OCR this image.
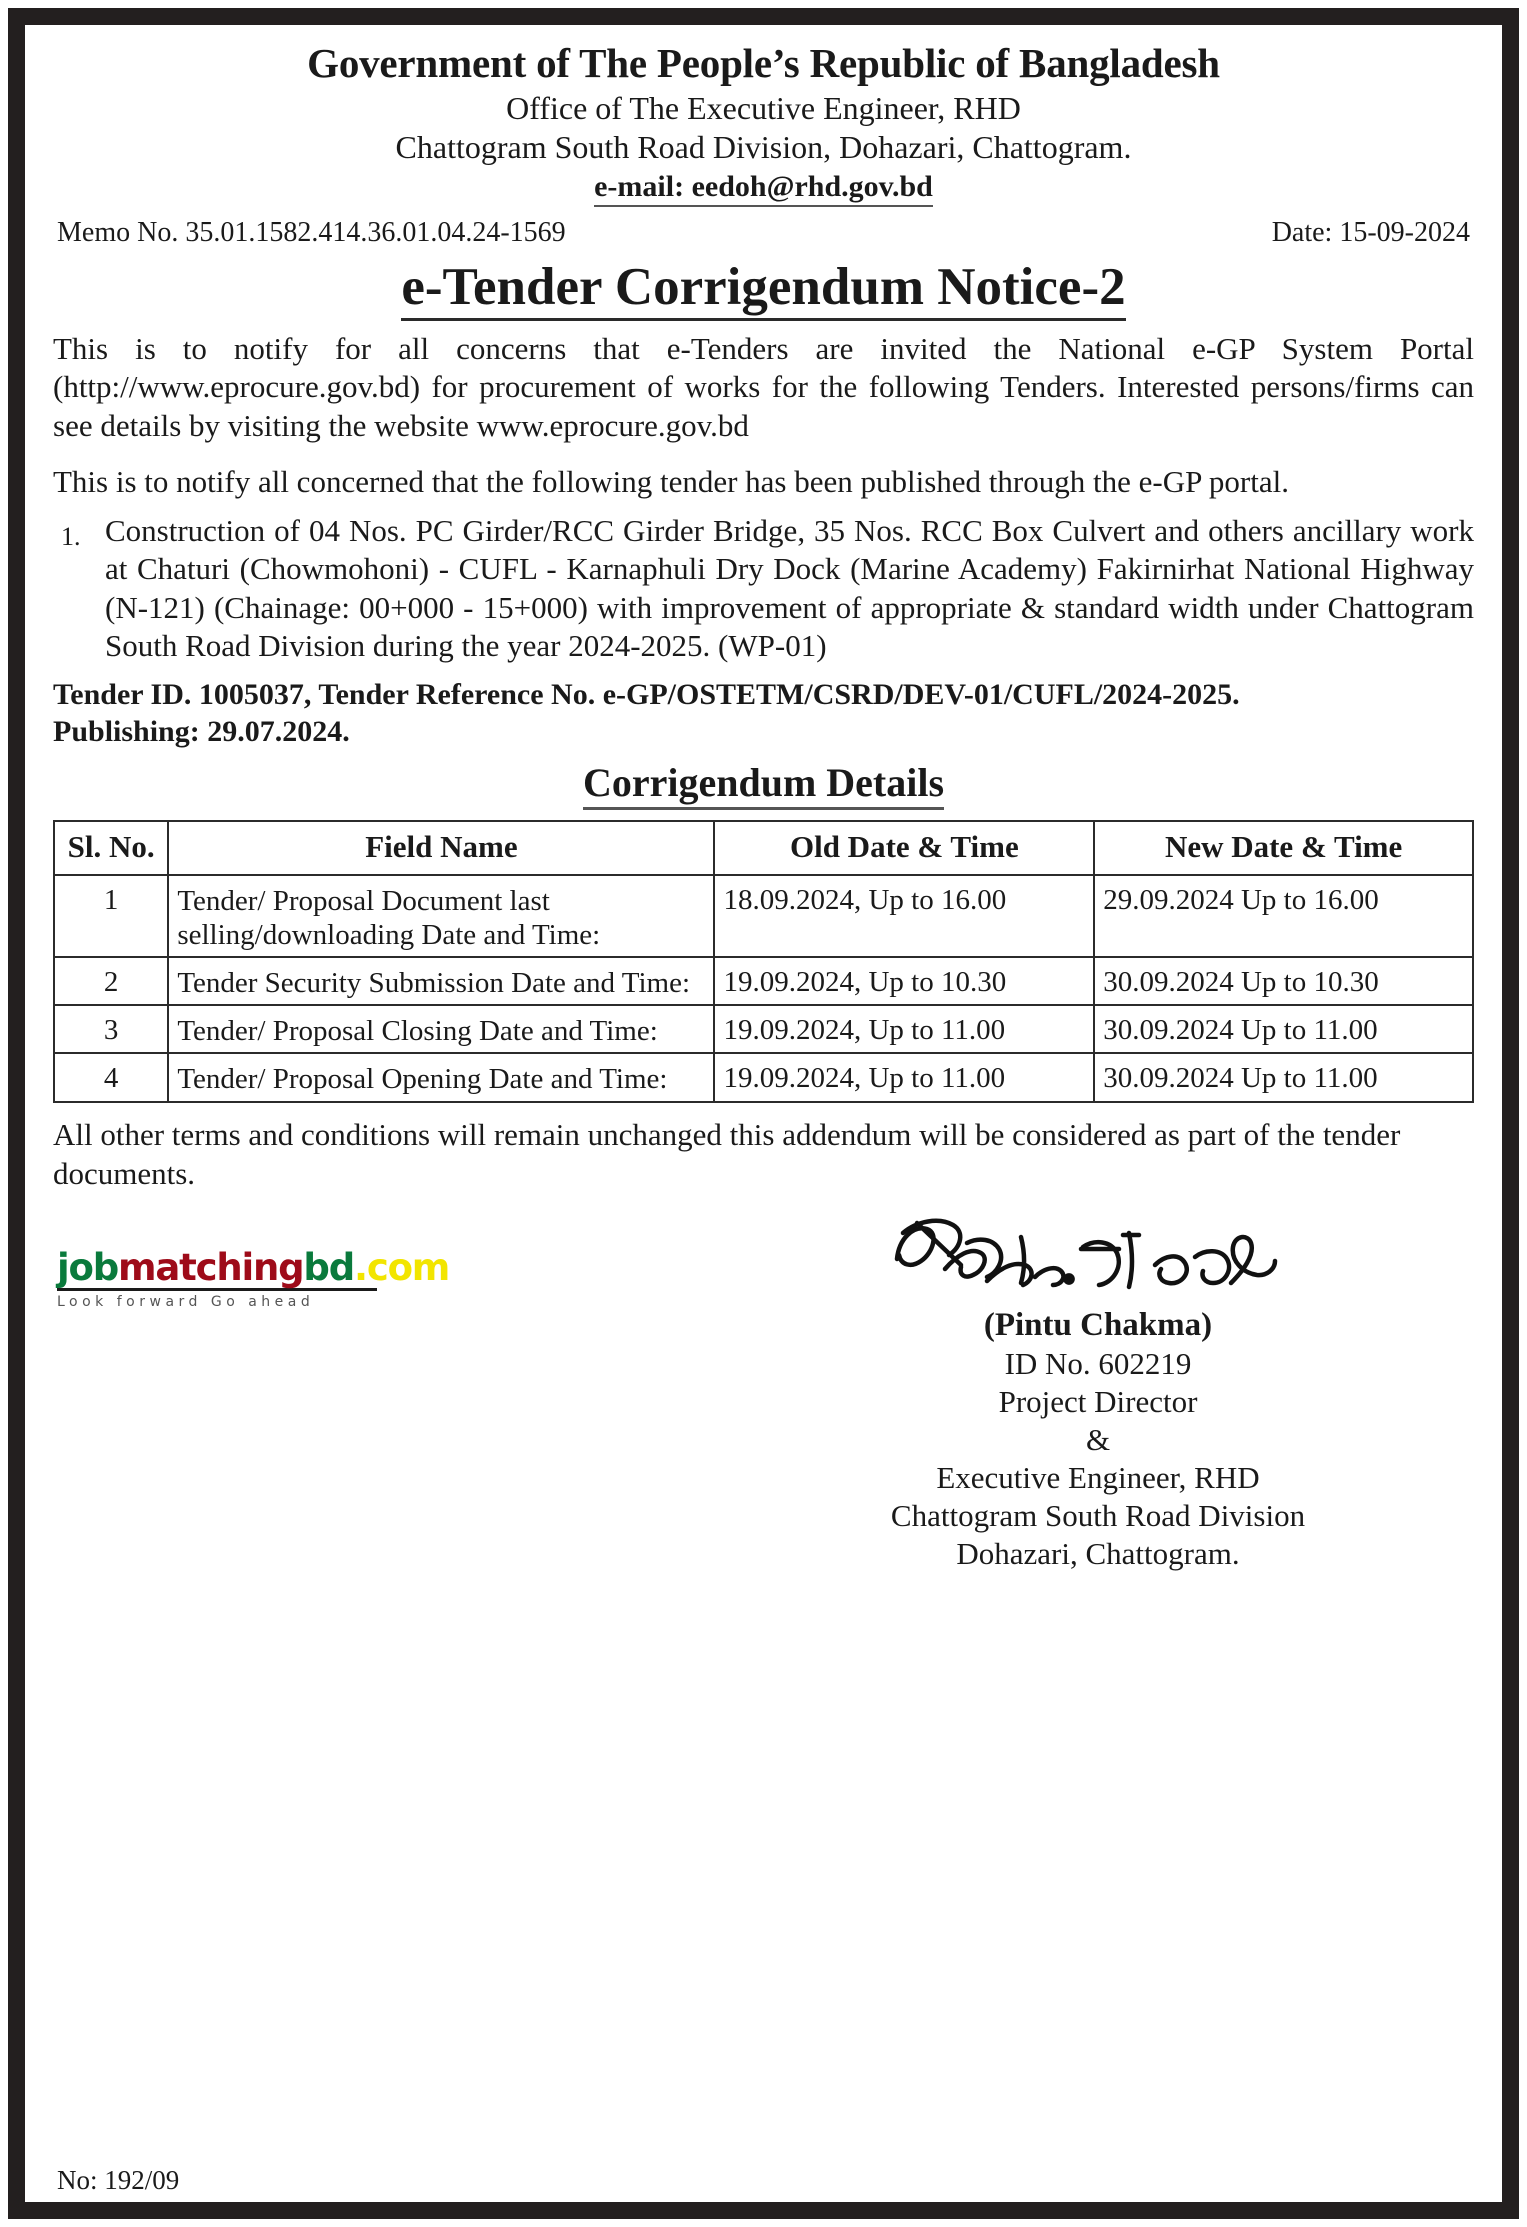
Government of The People’s Republic of Bangladesh
Office of The Executive Engineer, RHD
Chattogram South Road Division, Dohazari, Chattogram.
e-mail: eedoh@rhd.gov.bd
Memo No. 35.01.1582.414.36.01.04.24-1569	Date: 15-09-2024
e-Tender Corrigendum Notice-2

This is to notify for all concerns that e-Tenders are invited the National e-GP System Portal (http://www.eprocure.gov.bd) for procurement of works for the following Tenders. Interested persons/firms can see details by visiting the website www.eprocure.gov.bd

This is to notify all concerned that the following tender has been published through the e-GP portal.

1. Construction of 04 Nos. PC Girder/RCC Girder Bridge, 35 Nos. RCC Box Culvert and others ancillary work at Chaturi (Chowmohoni) - CUFL - Karnaphuli Dry Dock (Marine Academy) Fakirnirhat National Highway (N-121) (Chainage: 00+000 - 15+000) with improvement of appropriate & standard width under Chattogram South Road Division during the year 2024-2025. (WP-01)
Tender ID. 1005037, Tender Reference No. e-GP/OSTETM/CSRD/DEV-01/CUFL/2024-2025.
Publishing: 29.07.2024.
Corrigendum Details
Sl. No.	Field Name	Old Date & Time	New Date & Time
1	Tender/ Proposal Document last selling/downloading Date and Time:	18.09.2024, Up to 16.00	29.09.2024 Up to 16.00
2	Tender Security Submission Date and Time:	19.09.2024, Up to 10.30	30.09.2024 Up to 10.30
3	Tender/ Proposal Closing Date and Time:	19.09.2024, Up to 11.00	30.09.2024 Up to 11.00
4	Tender/ Proposal Opening Date and Time:	19.09.2024, Up to 11.00	30.09.2024 Up to 11.00

All other terms and conditions will remain unchanged this addendum will be considered as part of the tender documents.

jobmatchingbd.com
Look forward Go ahead
(Pintu Chakma)
ID No. 602219
Project Director
&
Executive Engineer, RHD
Chattogram South Road Division
Dohazari, Chattogram.
No: 192/09
